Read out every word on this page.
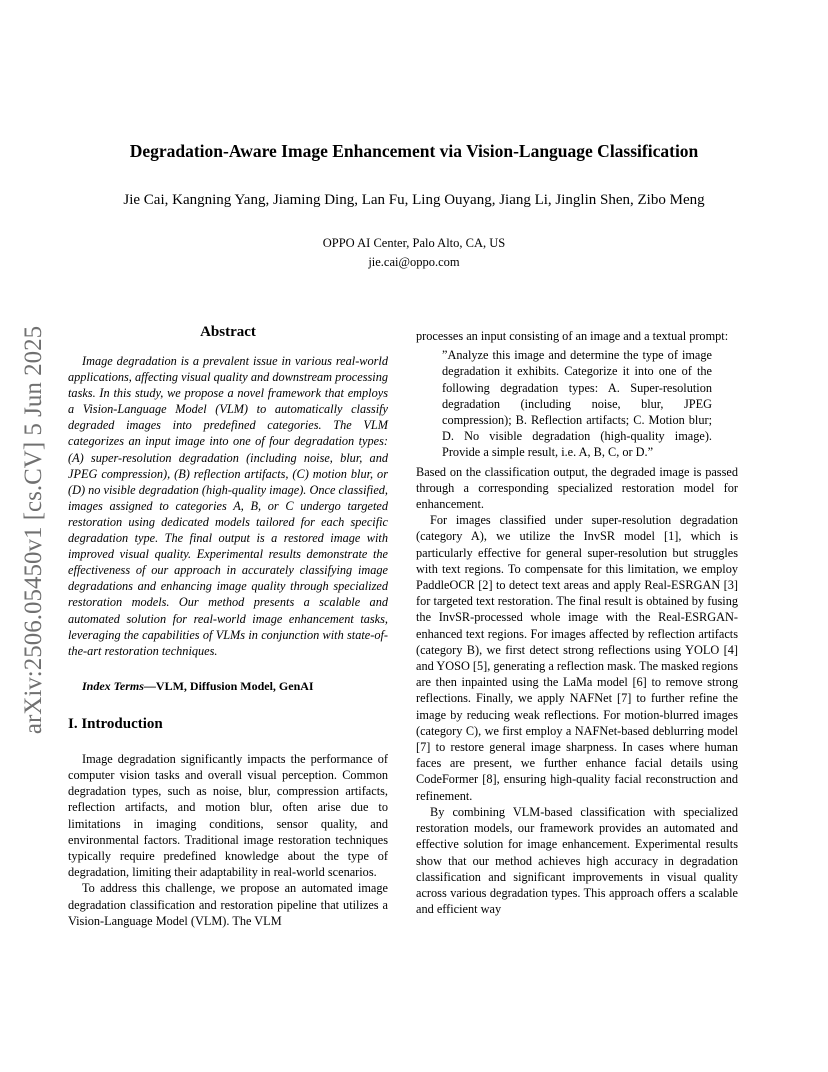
arXiv:2506.05450v1 [cs.CV] 5 Jun 2025
Degradation-Aware Image Enhancement via Vision-Language Classification
Jie Cai, Kangning Yang, Jiaming Ding, Lan Fu, Ling Ouyang, Jiang Li, Jinglin Shen, Zibo Meng
OPPO AI Center, Palo Alto, CA, US
jie.cai@oppo.com
Abstract

Image degradation is a prevalent issue in various real-world applications, affecting visual quality and downstream processing tasks. In this study, we propose a novel framework that employs a Vision-Language Model (VLM) to automatically classify degraded images into predefined categories. The VLM categorizes an input image into one of four degradation types: (A) super-resolution degradation (including noise, blur, and JPEG compression), (B) reflection artifacts, (C) motion blur, or (D) no visible degradation (high-quality image). Once classified, images assigned to categories A, B, or C undergo targeted restoration using dedicated models tailored for each specific degradation type. The final output is a restored image with improved visual quality. Experimental results demonstrate the effectiveness of our approach in accurately classifying image degradations and enhancing image quality through specialized restoration models. Our method presents a scalable and automated solution for real-world image enhancement tasks, leveraging the capabilities of VLMs in conjunction with state-of-the-art restoration techniques.

Index Terms—VLM, Diffusion Model, GenAI

I. Introduction

Image degradation significantly impacts the performance of computer vision tasks and overall visual perception. Common degradation types, such as noise, blur, compression artifacts, reflection artifacts, and motion blur, often arise due to limitations in imaging conditions, sensor quality, and environmental factors. Traditional image restoration techniques typically require predefined knowledge about the type of degradation, limiting their adaptability in real-world scenarios.

To address this challenge, we propose an automated image degradation classification and restoration pipeline that utilizes a Vision-Language Model (VLM). The VLM

processes an input consisting of an image and a textual prompt:

”Analyze this image and determine the type of image degradation it exhibits. Categorize it into one of the following degradation types: A. Super-resolution degradation (including noise, blur, JPEG compression); B. Reflection artifacts; C. Motion blur; D. No visible degradation (high-quality image). Provide a simple result, i.e. A, B, C, or D.”

Based on the classification output, the degraded image is passed through a corresponding specialized restoration model for enhancement.

For images classified under super-resolution degradation (category A), we utilize the InvSR model [1], which is particularly effective for general super-resolution but struggles with text regions. To compensate for this limitation, we employ PaddleOCR [2] to detect text areas and apply Real-ESRGAN [3] for targeted text restoration. The final result is obtained by fusing the InvSR-processed whole image with the Real-ESRGAN-enhanced text regions. For images affected by reflection artifacts (category B), we first detect strong reflections using YOLO [4] and YOSO [5], generating a reflection mask. The masked regions are then inpainted using the LaMa model [6] to remove strong reflections. Finally, we apply NAFNet [7] to further refine the image by reducing weak reflections. For motion-blurred images (category C), we first employ a NAFNet-based deblurring model [7] to restore general image sharpness. In cases where human faces are present, we further enhance facial details using CodeFormer [8], ensuring high-quality facial reconstruction and refinement.

By combining VLM-based classification with specialized restoration models, our framework provides an automated and effective solution for image enhancement. Experimental results show that our method achieves high accuracy in degradation classification and significant improvements in visual quality across various degradation types. This approach offers a scalable and efficient way
